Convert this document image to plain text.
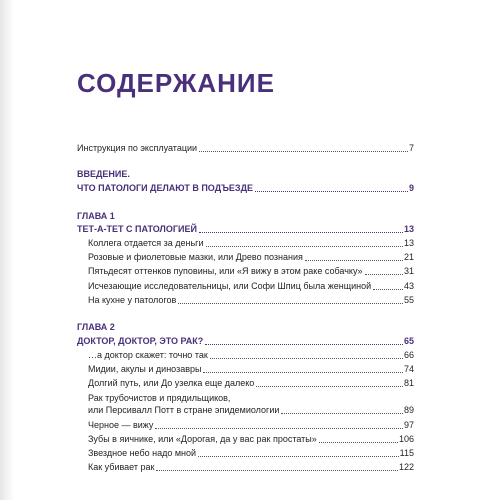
СОДЕРЖАНИЕ
Инструкция по эксплуатации	7
ВВЕДЕНИЕ.
ЧТО ПАТОЛОГИ ДЕЛАЮТ В ПОДЪЕЗДЕ	9
ГЛАВА 1
ТЕТ-А-ТЕТ С ПАТОЛОГИЕЙ	13
Коллега отдается за деньги	13
Розовые и фиолетовые мазки, или Древо познания	21
Пятьдесят оттенков пуповины, или «Я вижу в этом раке собачку»	31
Исчезающие исследовательницы, или Софи Шпиц была женщиной	43
На кухне у патологов	55
ГЛАВА 2
ДОКТОР, ДОКТОР, ЭТО РАК?	65
…а доктор скажет: точно так	66
Мидии, акулы и динозавры	74
Долгий путь, или До узелка еще далеко	81
Рак трубочистов и прядильщиков,
или Персивалл Потт в стране эпидемиологии	89
Черное — вижу	97
Зубы в яичнике, или «Дорогая, да у вас рак простаты»	106
Звездное небо надо мной	115
Как убивает рак	122
